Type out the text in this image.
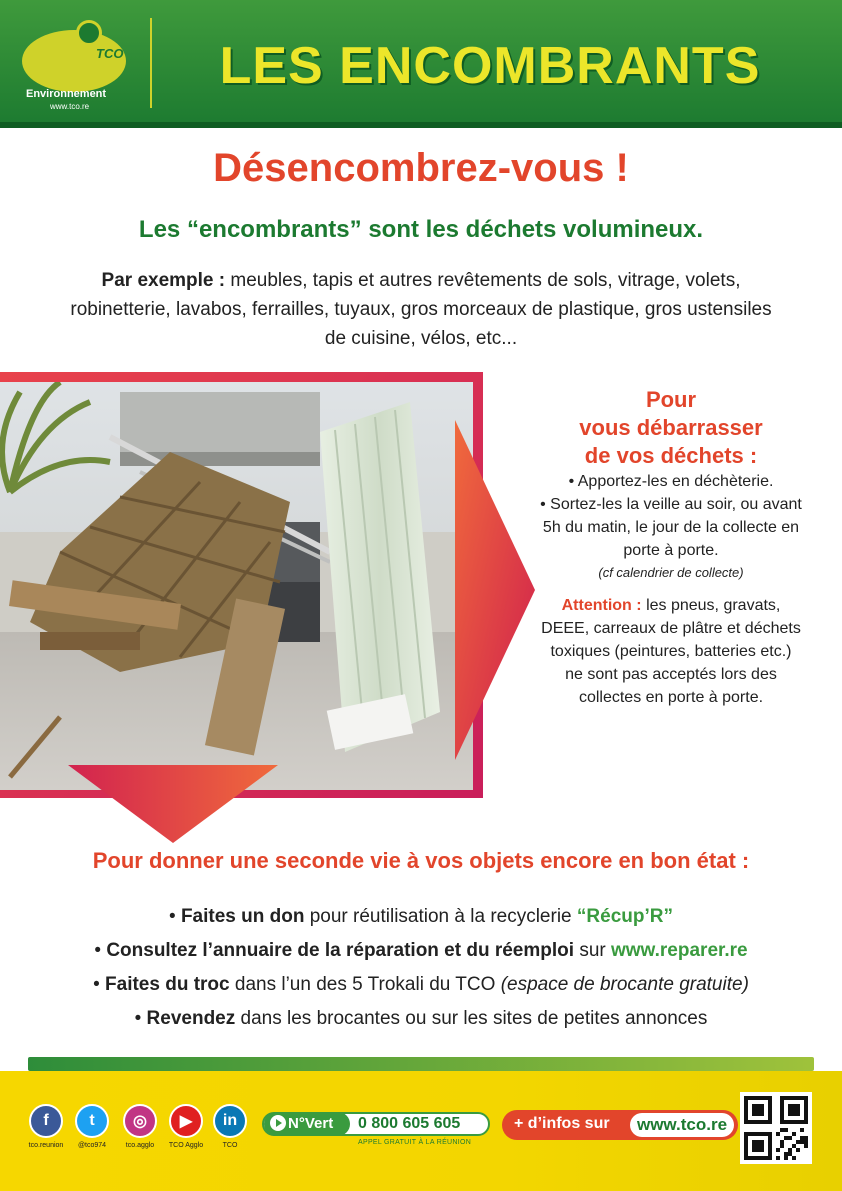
TCO
Environnement
www.tco.re
LES ENCOMBRANTS
Désencombrez-vous !
Les “encombrants” sont les déchets volumineux.
Par exemple : meubles, tapis et autres revêtements de sols, vitrage, volets, robinetterie, lavabos, ferrailles, tuyaux, gros morceaux de plastique, gros ustensiles de cuisine, vélos, etc...
Pour
vous débarrasser
de vos déchets :
• Apportez-les en déchèterie.
• Sortez-les la veille au soir, ou avant 5h du matin, le jour de la collecte en porte à porte.
(cf calendrier de collecte)
Attention : les pneus, gravats, DEEE, carreaux de plâtre et déchets toxiques (peintures, batteries etc.) ne sont pas acceptés lors des collectes en porte à porte.
Pour donner une seconde vie à vos objets encore en bon état :
• Faites un don pour réutilisation à la recyclerie “Récup’R”
• Consultez l’annuaire de la réparation et du réemploi sur www.reparer.re
• Faites du troc dans l’un des 5 Trokali du TCO (espace de brocante gratuite)
• Revendez dans les brocantes ou sur les sites de petites annonces
f
tco.reunion
t
@tco974
◎
tco.agglo
▶
TCO Agglo
in
TCO
N°Vert	0 800 605 605
APPEL GRATUIT À LA RÉUNION
+ d’infos sur	www.tco.re
